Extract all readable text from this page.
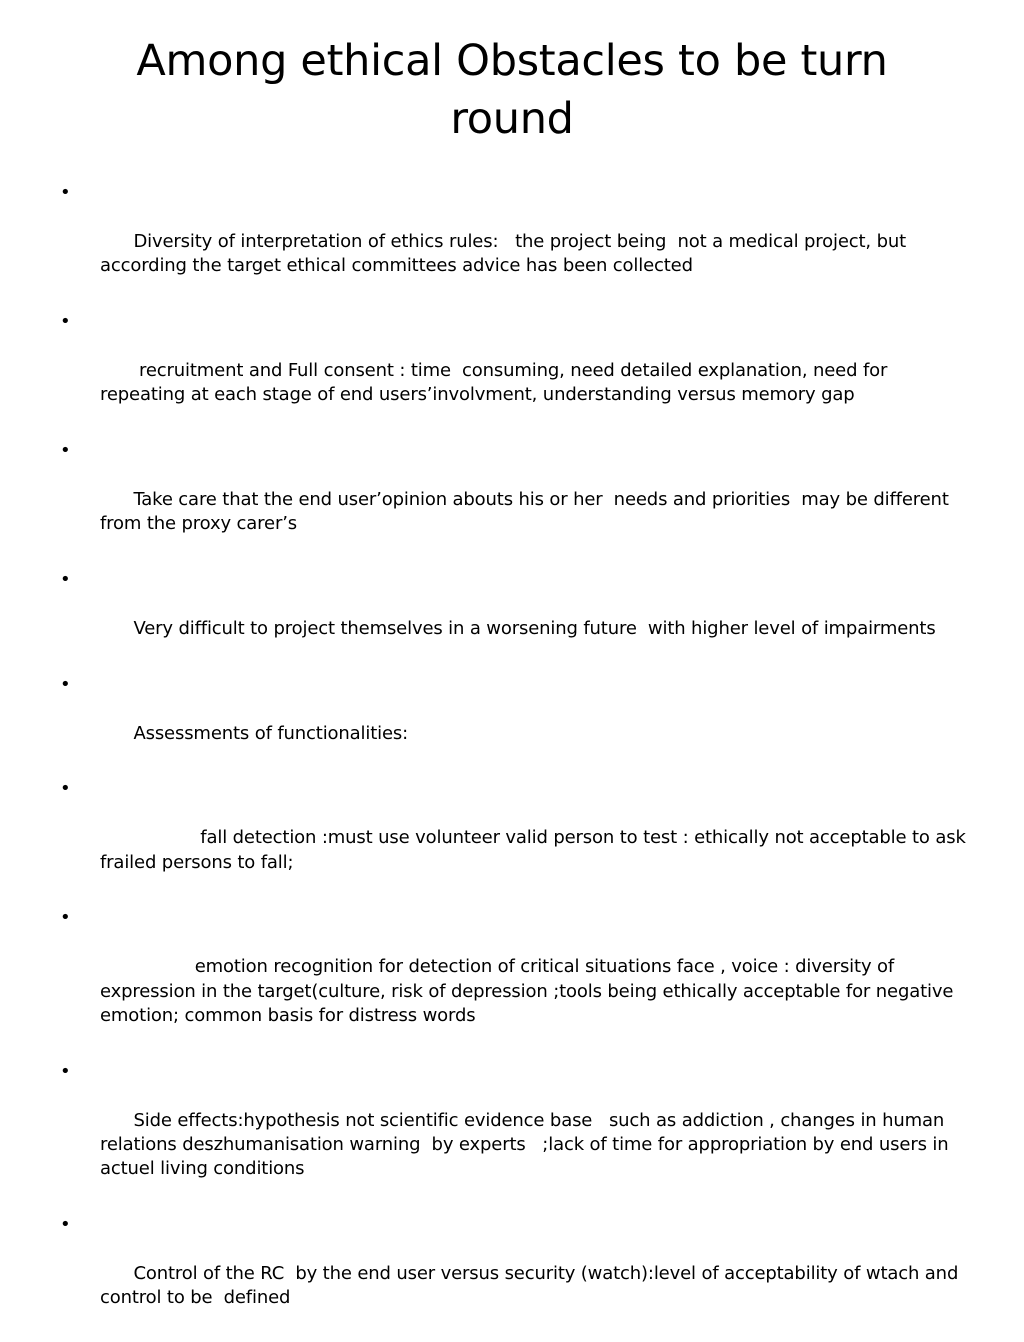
Among ethical Obstacles to be turn
round

•

Diversity of interpretation of ethics rules:   the project being  not a medical project, but according the target ethical committees advice has been collected

•

recruitment and Full consent : time  consuming, need detailed explanation, need for repeating at each stage of end users’involvment, understanding versus memory gap

•

Take care that the end user’opinion abouts his or her  needs and priorities  may be different  from the proxy carer’s

•

Very difficult to project themselves in a worsening future  with higher level of impairments

•

Assessments of functionalities:

•

fall detection :must use volunteer valid person to test : ethically not acceptable to ask frailed persons to fall;

•

emotion recognition for detection of critical situations face , voice : diversity of expression in the target(culture, risk of depression ;tools being ethically acceptable for negative emotion; common basis for distress words

•

Side effects:hypothesis not scientific evidence base   such as addiction , changes in human relations deszhumanisation warning  by experts   ;lack of time for appropriation by end users in actuel living conditions

•

Control of the RC  by the end user versus security (watch):level of acceptability of wtach and control to be  defined
